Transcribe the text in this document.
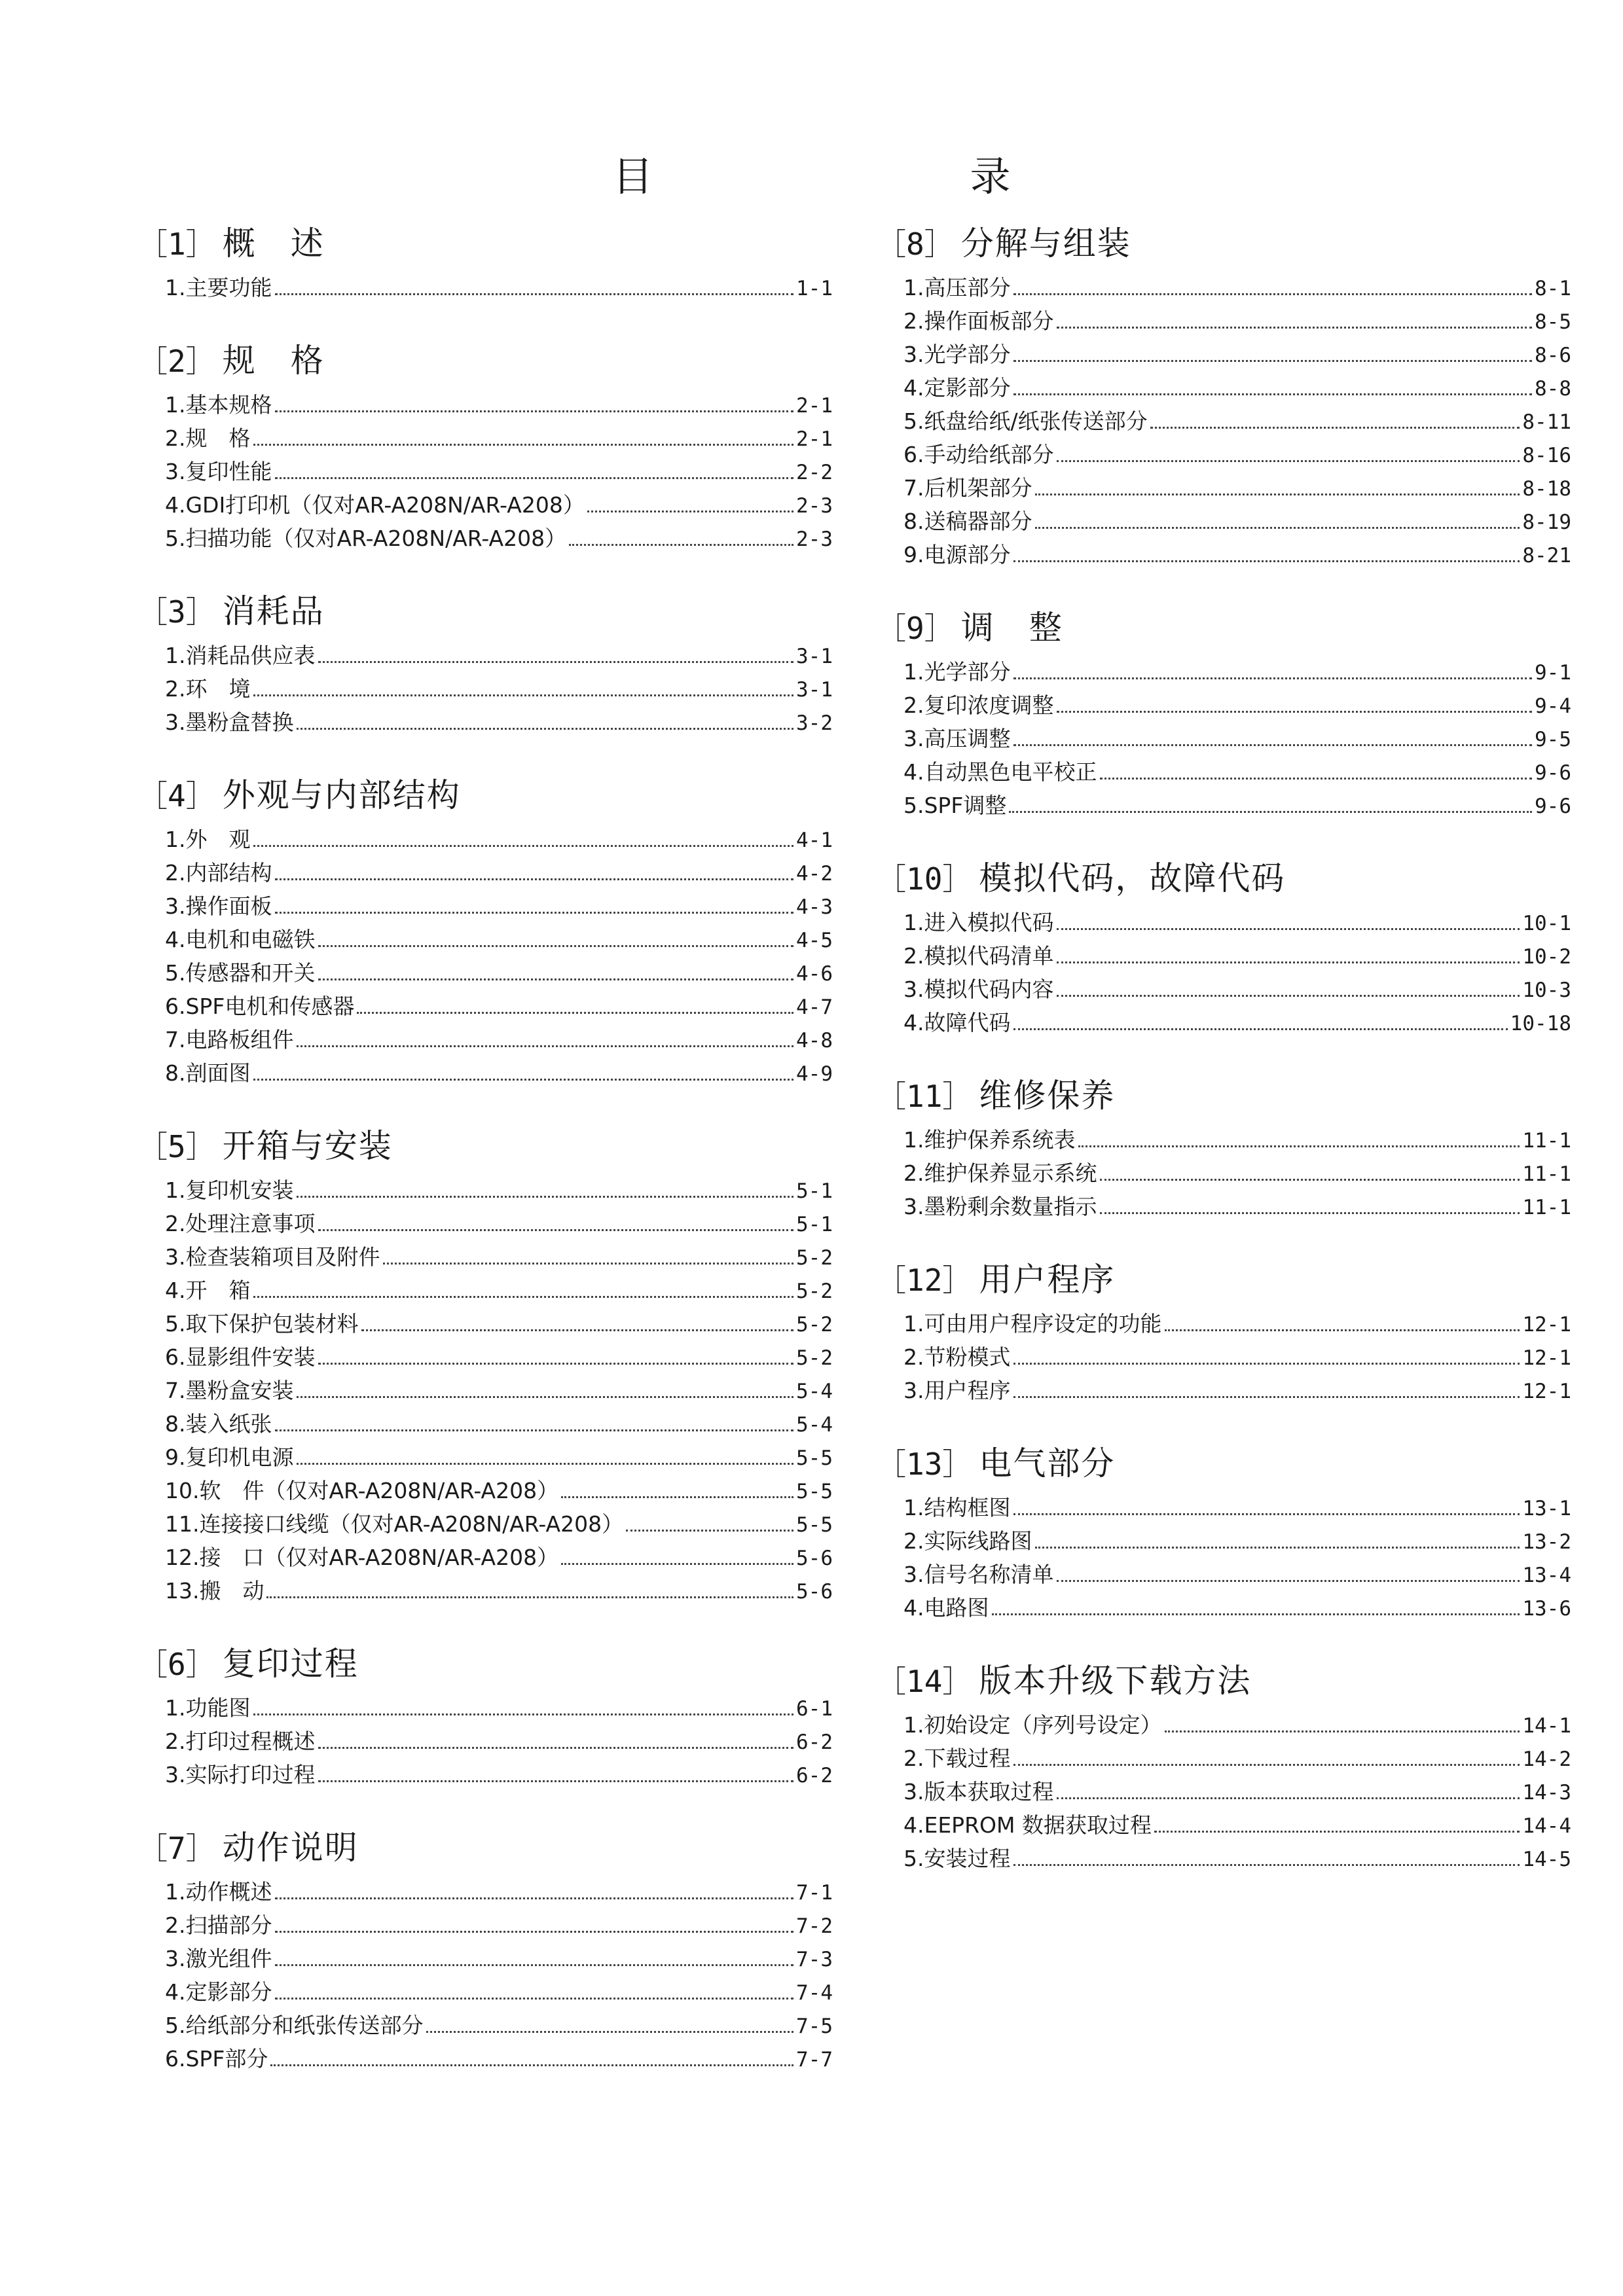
目　　录
［1］ 概　述
1.主要功能	1-1
［2］ 规　格
1.基本规格	2-1
2.规　格	2-1
3.复印性能	2-2
4.GDI打印机（仅对AR-A208N/AR-A208）	2-3
5.扫描功能（仅对AR-A208N/AR-A208）	2-3
［3］ 消耗品
1.消耗品供应表	3-1
2.环　境	3-1
3.墨粉盒替换	3-2
［4］ 外观与内部结构
1.外　观	4-1
2.内部结构	4-2
3.操作面板	4-3
4.电机和电磁铁	4-5
5.传感器和开关	4-6
6.SPF电机和传感器	4-7
7.电路板组件	4-8
8.剖面图	4-9
［5］ 开箱与安装
1.复印机安装	5-1
2.处理注意事项	5-1
3.检查装箱项目及附件	5-2
4.开　箱	5-2
5.取下保护包装材料	5-2
6.显影组件安装	5-2
7.墨粉盒安装	5-4
8.装入纸张	5-4
9.复印机电源	5-5
10.软　件（仅对AR-A208N/AR-A208）	5-5
11.连接接口线缆（仅对AR-A208N/AR-A208）	5-5
12.接　口（仅对AR-A208N/AR-A208）	5-6
13.搬　动	5-6
［6］ 复印过程
1.功能图	6-1
2.打印过程概述	6-2
3.实际打印过程	6-2
［7］ 动作说明
1.动作概述	7-1
2.扫描部分	7-2
3.激光组件	7-3
4.定影部分	7-4
5.给纸部分和纸张传送部分	7-5
6.SPF部分	7-7
［8］ 分解与组装
1.高压部分	8-1
2.操作面板部分	8-5
3.光学部分	8-6
4.定影部分	8-8
5.纸盘给纸/纸张传送部分	8-11
6.手动给纸部分	8-16
7.后机架部分	8-18
8.送稿器部分	8-19
9.电源部分	8-21
［9］ 调　整
1.光学部分	9-1
2.复印浓度调整	9-4
3.高压调整	9-5
4.自动黑色电平校正	9-6
5.SPF调整	9-6
［10］ 模拟代码，故障代码
1.进入模拟代码	10-1
2.模拟代码清单	10-2
3.模拟代码内容	10-3
4.故障代码	10-18
［11］ 维修保养
1.维护保养系统表	11-1
2.维护保养显示系统	11-1
3.墨粉剩余数量指示	11-1
［12］ 用户程序
1.可由用户程序设定的功能	12-1
2.节粉模式	12-1
3.用户程序	12-1
［13］ 电气部分
1.结构框图	13-1
2.实际线路图	13-2
3.信号名称清单	13-4
4.电路图	13-6
［14］ 版本升级下载方法
1.初始设定（序列号设定）	14-1
2.下载过程	14-2
3.版本获取过程	14-3
4.EEPROM 数据获取过程	14-4
5.安装过程	14-5
